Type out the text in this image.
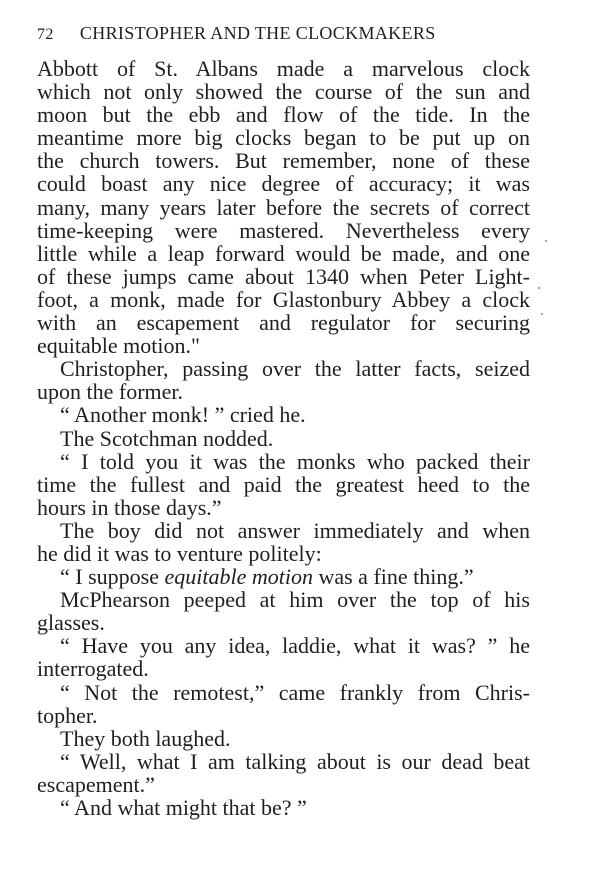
72 CHRISTOPHER AND THE CLOCKMAKERS
Abbott of St. Albans made a marvelous clock
which not only showed the course of the sun and
moon but the ebb and flow of the tide. In the
meantime more big clocks began to be put up on
the church towers. But remember, none of these
could boast any nice degree of accuracy; it was
many, many years later before the secrets of correct
time-keeping were mastered. Nevertheless every
little while a leap forward would be made, and one
of these jumps came about 1340 when Peter Light-
foot, a monk, made for Glastonbury Abbey a clock
with an escapement and regulator for securing
equitable motion."
Christopher, passing over the latter facts, seized
upon the former.
“ Another monk! ” cried he.
The Scotchman nodded.
“ I told you it was the monks who packed their
time the fullest and paid the greatest heed to the
hours in those days.”
The boy did not answer immediately and when
he did it was to venture politely:
“ I suppose equitable motion was a fine thing.”
McPhearson peeped at him over the top of his
glasses.
“ Have you any idea, laddie, what it was? ” he
interrogated.
“ Not the remotest,” came frankly from Chris-
topher.
They both laughed.
“ Well, what I am talking about is our dead beat
escapement.”
“ And what might that be? ”
